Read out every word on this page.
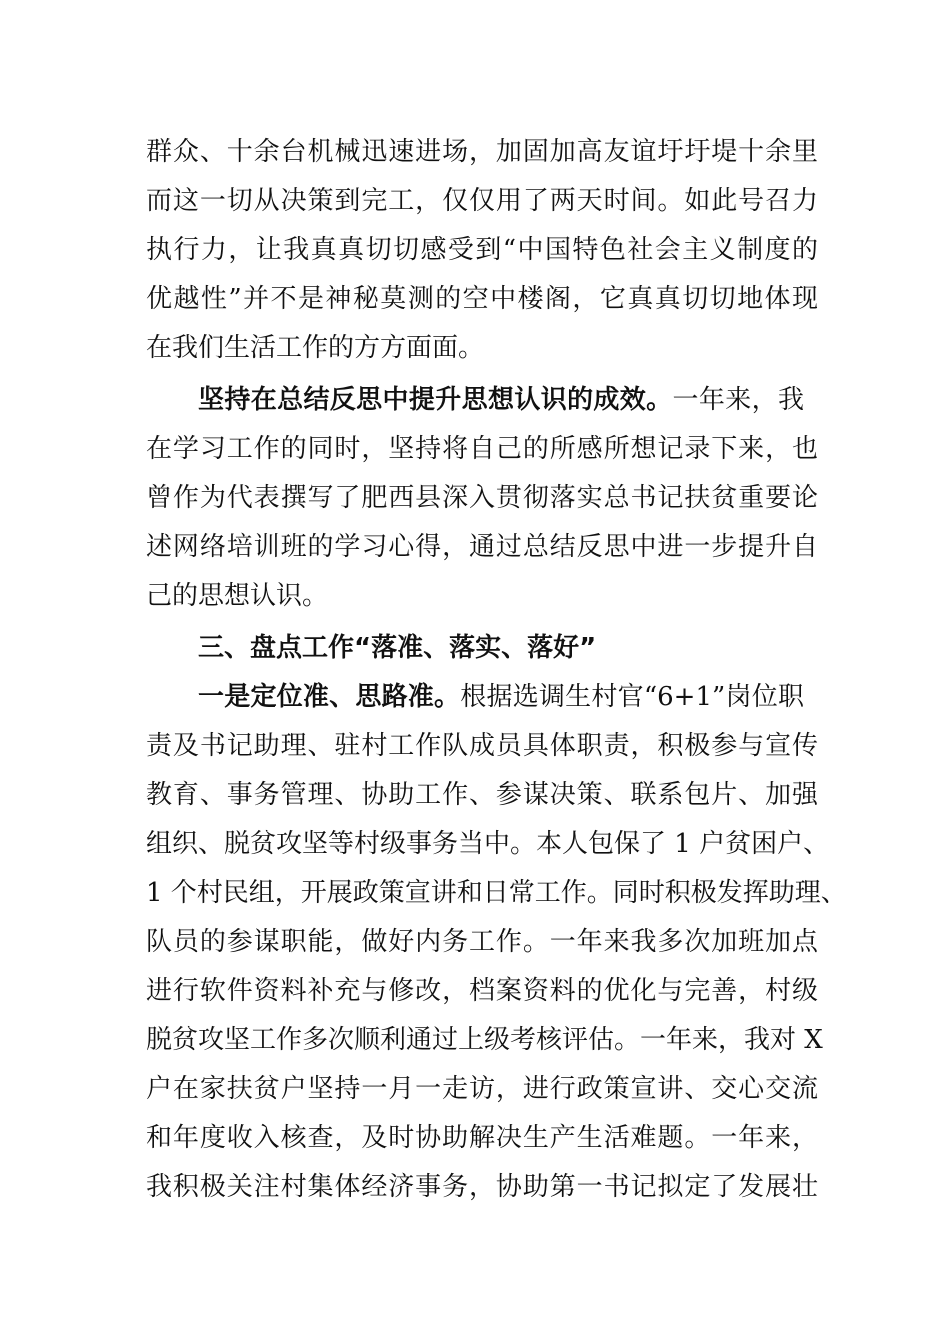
群众、十余台机械迅速进场，加固加高友谊圩圩堤十余里
而这一切从决策到完工，仅仅用了两天时间。如此号召力
执行力，让我真真切切感受到“中国特色社会主义制度的
优越性”并不是神秘莫测的空中楼阁，它真真切切地体现
在我们生活工作的方方面面。
坚持在总结反思中提升思想认识的成效。一年来，我
在学习工作的同时，坚持将自己的所感所想记录下来，也
曾作为代表撰写了肥西县深入贯彻落实总书记扶贫重要论
述网络培训班的学习心得，通过总结反思中进一步提升自
己的思想认识。
三、盘点工作“落准、落实、落好”
一是定位准、思路准。根据选调生村官“6+1”岗位职
责及书记助理、驻村工作队成员具体职责，积极参与宣传
教育、事务管理、协助工作、参谋决策、联系包片、加强
组织、脱贫攻坚等村级事务当中。本人包保了 1 户贫困户、
1 个村民组，开展政策宣讲和日常工作。同时积极发挥助理、
队员的参谋职能，做好内务工作。一年来我多次加班加点
进行软件资料补充与修改，档案资料的优化与完善，村级
脱贫攻坚工作多次顺利通过上级考核评估。一年来，我对 X
户在家扶贫户坚持一月一走访，进行政策宣讲、交心交流
和年度收入核查，及时协助解决生产生活难题。一年来，
我积极关注村集体经济事务，协助第一书记拟定了发展壮
